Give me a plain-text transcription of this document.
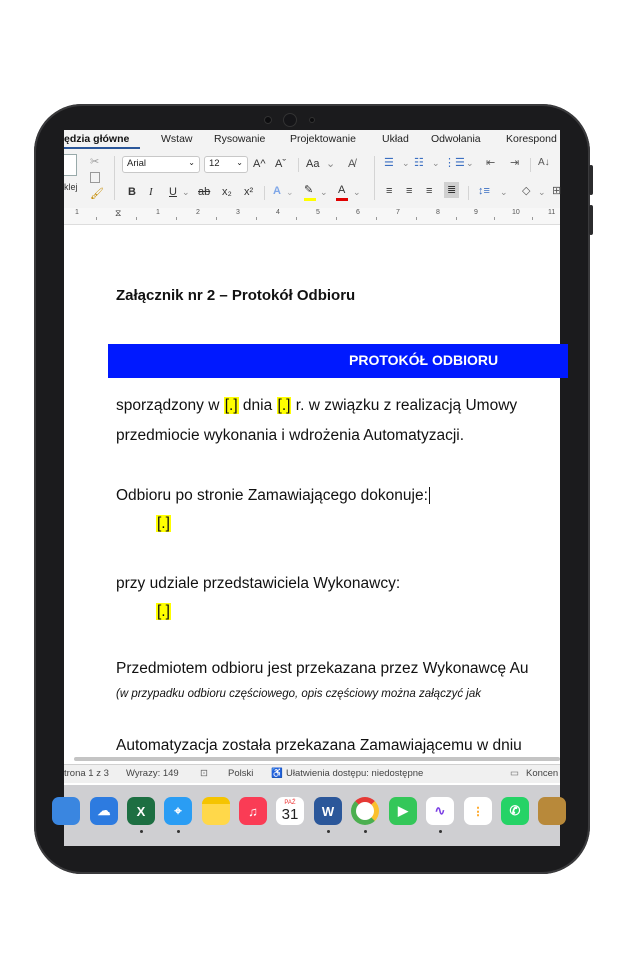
ędzia główne	Wstaw Rysowanie Projektowanie Układ Odwołania Korespond
klej
✂
🖌
Arial	⌄	12 ⌄ A^ Aˇ Aa ⌄ A̸
B I U ⌄ ab x₂ x² A ⌄ ✎ ⌄ A ⌄
☰ ⌄ ☷ ⌄ ⋮☰ ⌄ ⇤ ⇥ A↓
≡ ≡ ≡ ≣ ↕≡ ⌄ ◇ ⌄ ⊞
1	⧖	1	2	3	4	5	6	7	8	9	10	11
Załącznik nr 2 – Protokół Odbioru
PROTOKÓŁ ODBIORU
sporządzony w [.] dnia [.] r. w związku z realizacją Umowy
przedmiocie wykonania i wdrożenia Automatyzacji.
Odbioru po stronie Zamawiającego dokonuje:
[.]
przy udziale przedstawiciela Wykonawcy:
[.]
Przedmiotem odbioru jest przekazana przez Wykonawcę Au
(w przypadku odbioru częściowego, opis częściowy można załączyć jak
Automatyzacja została przekazana Zamawiającemu w dniu
trona 1 z 3 Wyrazy: 149 ⊡ Polski ♿ Ułatwienia dostępu: niedostępne	▭ Koncen
☁	X	⌖	♫
PAŹ
31	W	▶	∿	⋮	✆
